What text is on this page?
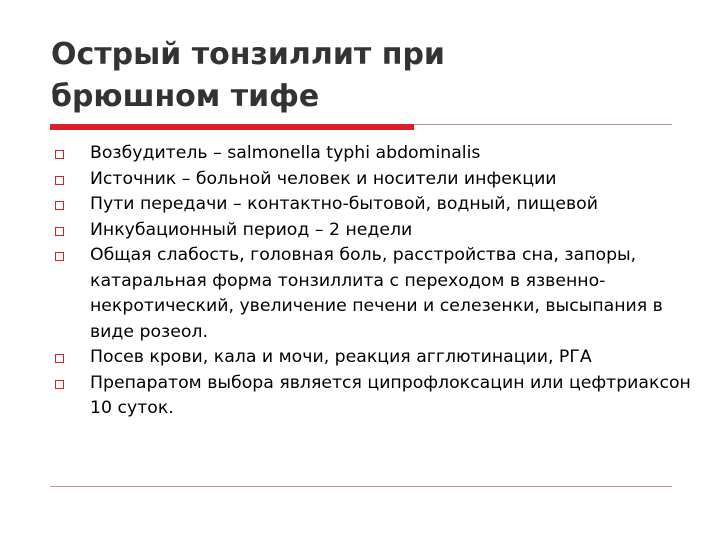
Острый тонзиллит при
брюшном тифе
Возбудитель – salmonella typhi abdominalis
Источник – больной человек и носители инфекции
Пути передачи – контактно-бытовой, водный, пищевой
Инкубационный период – 2 недели
Общая слабость, головная боль, расстройства сна, запоры, катаральная форма тонзиллита с переходом в язвенно-некротический, увеличение печени и селезенки, высыпания в виде розеол.
Посев крови, кала и мочи, реакция агглютинации, РГА
Препаратом выбора является ципрофлоксацин или цефтриаксон 10 суток.
